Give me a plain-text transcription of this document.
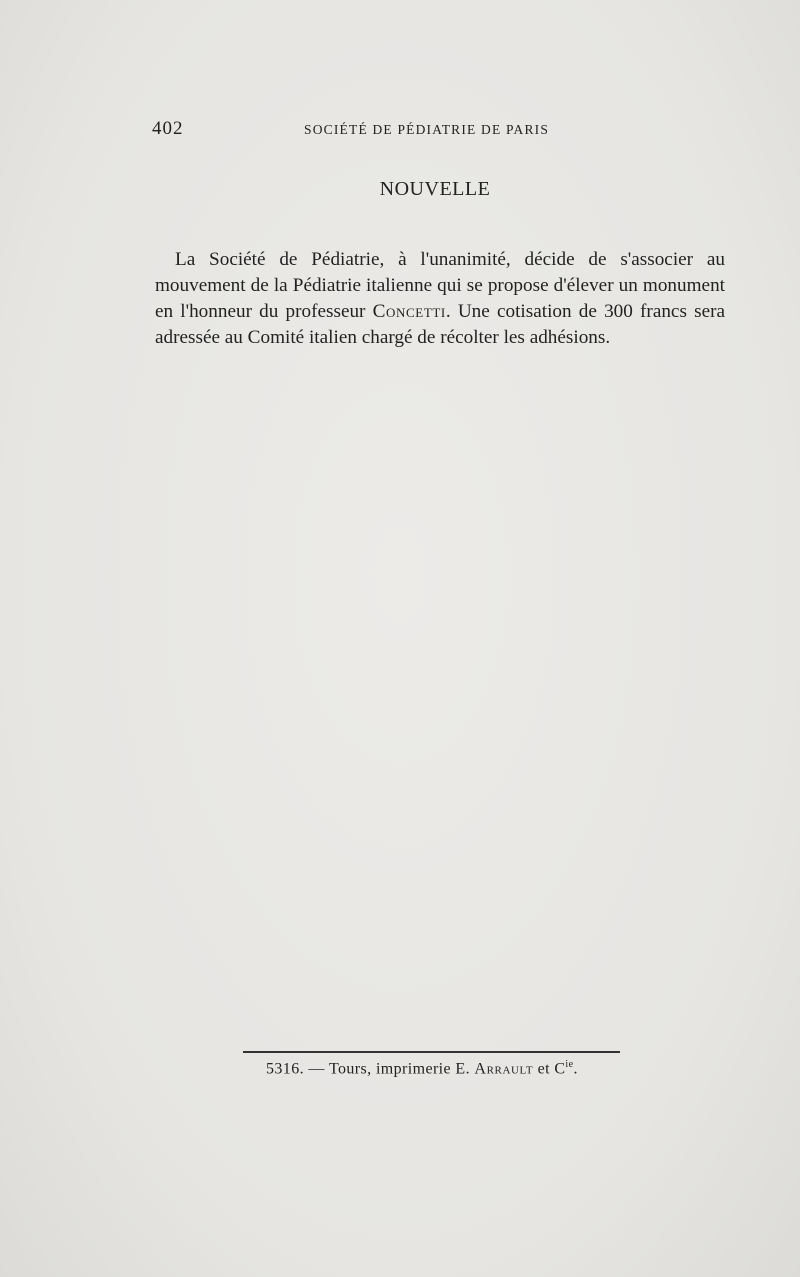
402	SOCIÉTÉ DE PÉDIATRIE DE PARIS
NOUVELLE

La Société de Pédiatrie, à l'unanimité, décide de s'associer au mouvement de la Pédiatrie italienne qui se propose d'élever un monument en l'honneur du professeur Concetti. Une cotisation de 300 francs sera adressée au Comité italien chargé de récolter les adhésions.

5316. — Tours, imprimerie E. Arrault et $C^{ie}$.
